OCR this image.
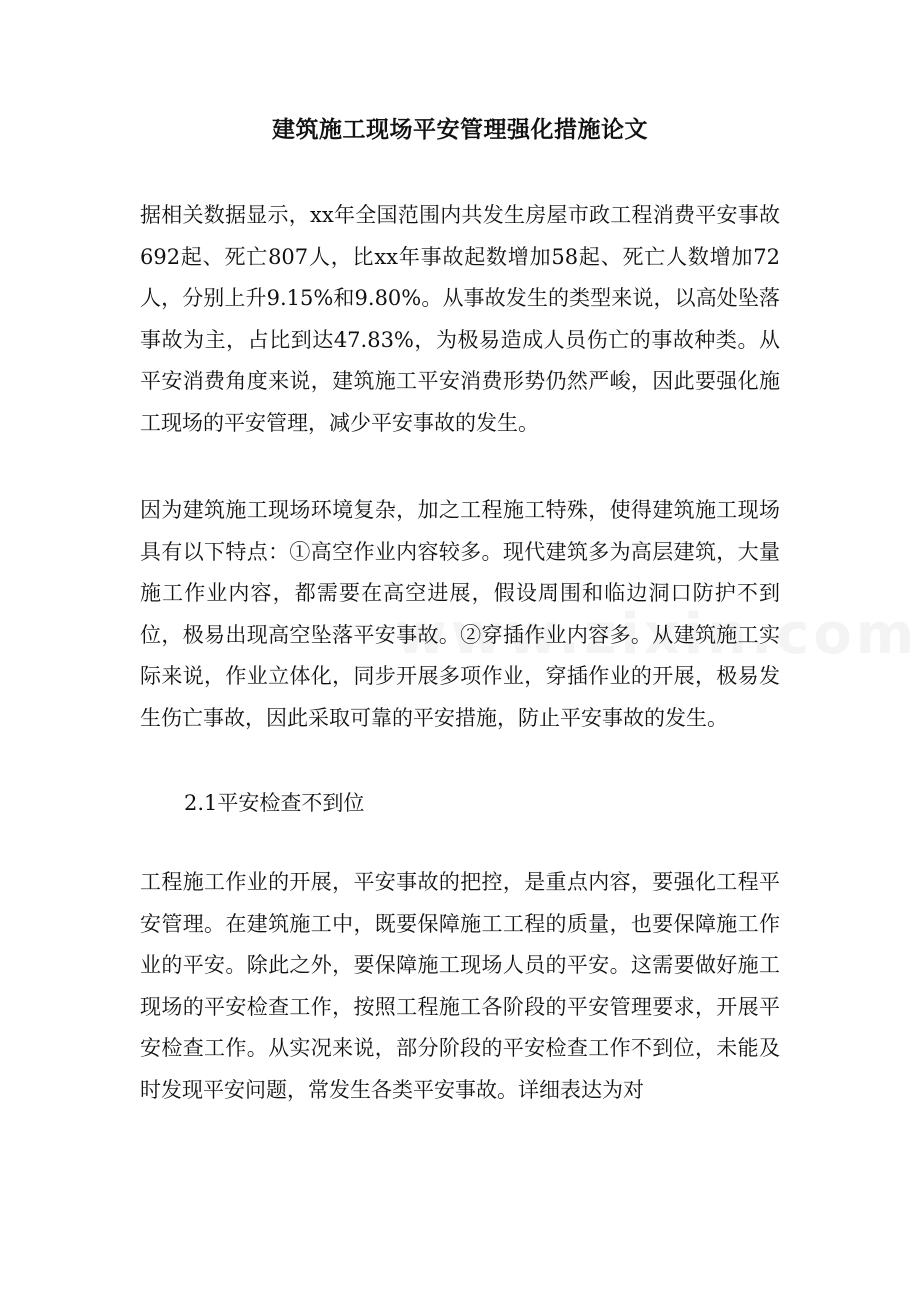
建筑施工现场平安管理强化措施论文

据相关数据显示，xx年全国范围内共发生房屋市政工程消费平安事故692起、死亡807人，比xx年事故起数增加58起、死亡人数增加72人，分别上升9.15%和9.80%。从事故发生的类型来说，以高处坠落事故为主，占比到达47.83%，为极易造成人员伤亡的事故种类。从平安消费角度来说，建筑施工平安消费形势仍然严峻，因此要强化施工现场的平安管理，减少平安事故的发生。

因为建筑施工现场环境复杂，加之工程施工特殊，使得建筑施工现场具有以下特点：①高空作业内容较多。现代建筑多为高层建筑，大量施工作业内容，都需要在高空进展，假设周围和临边洞口防护不到位，极易出现高空坠落平安事故。②穿插作业内容多。从建筑施工实际来说，作业立体化，同步开展多项作业，穿插作业的开展，极易发生伤亡事故，因此采取可靠的平安措施，防止平安事故的发生。

2.1平安检查不到位

工程施工作业的开展，平安事故的把控，是重点内容，要强化工程平安管理。在建筑施工中，既要保障施工工程的质量，也要保障施工作业的平安。除此之外，要保障施工现场人员的平安。这需要做好施工现场的平安检查工作，按照工程施工各阶段的平安管理要求，开展平安检查工作。从实况来说，部分阶段的平安检查工作不到位，未能及时发现平安问题，常发生各类平安事故。详细表达为对
